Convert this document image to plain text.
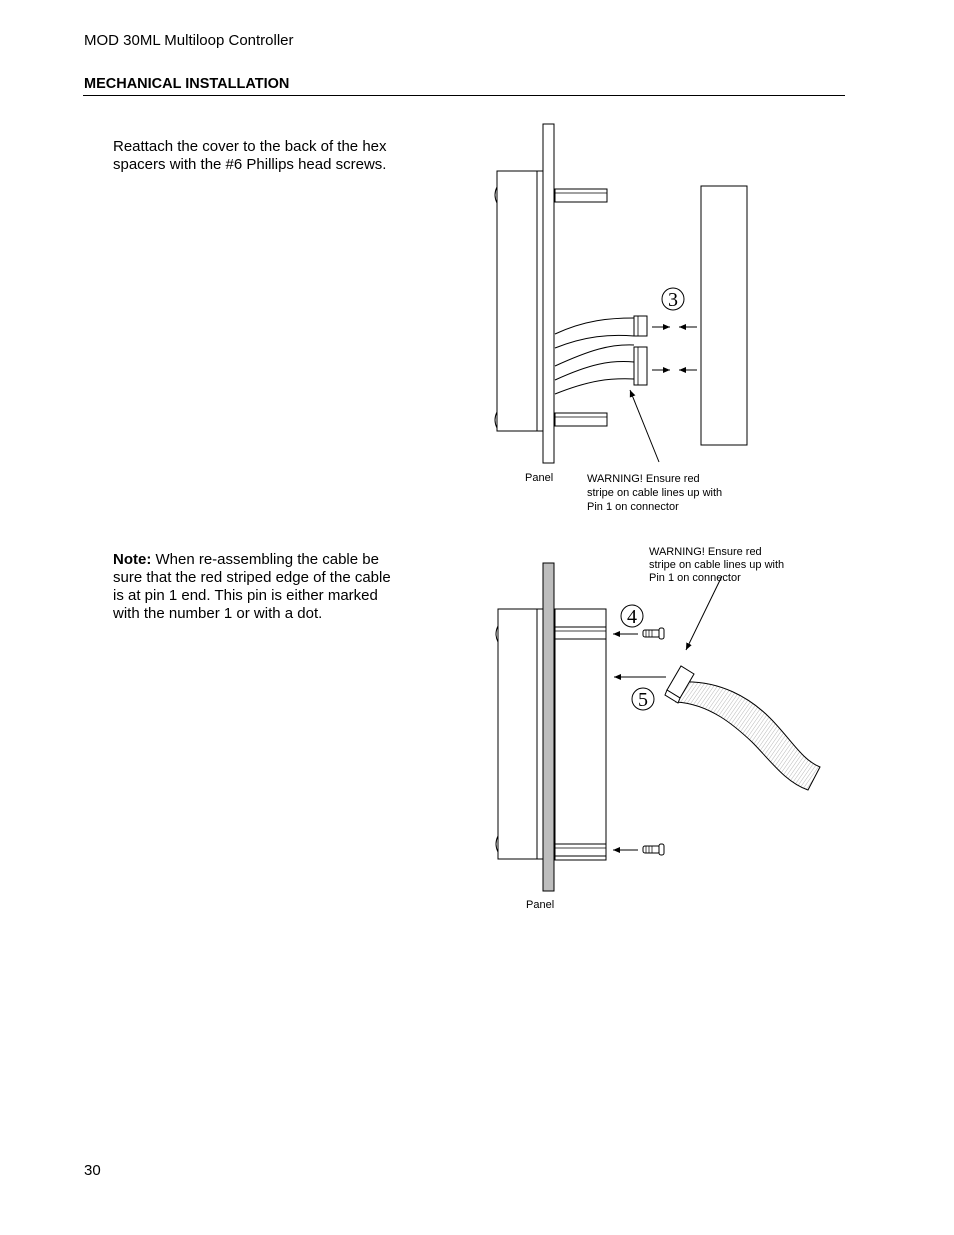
MOD 30ML Multiloop Controller
MECHANICAL INSTALLATION
Reattach the cover to the back of the hex spacers with the #6 Phillips head screws.
Note: When re-assembling the cable be sure that the red striped edge of the cable is at pin 1 end. This pin is either marked with the number 1 or with a dot.
3
Panel	WARNING! Ensure red
stripe on cable lines up with
Pin 1 on connector
4
5
WARNING! Ensure red
stripe on cable lines up with
Pin 1 on connector
Panel
30
